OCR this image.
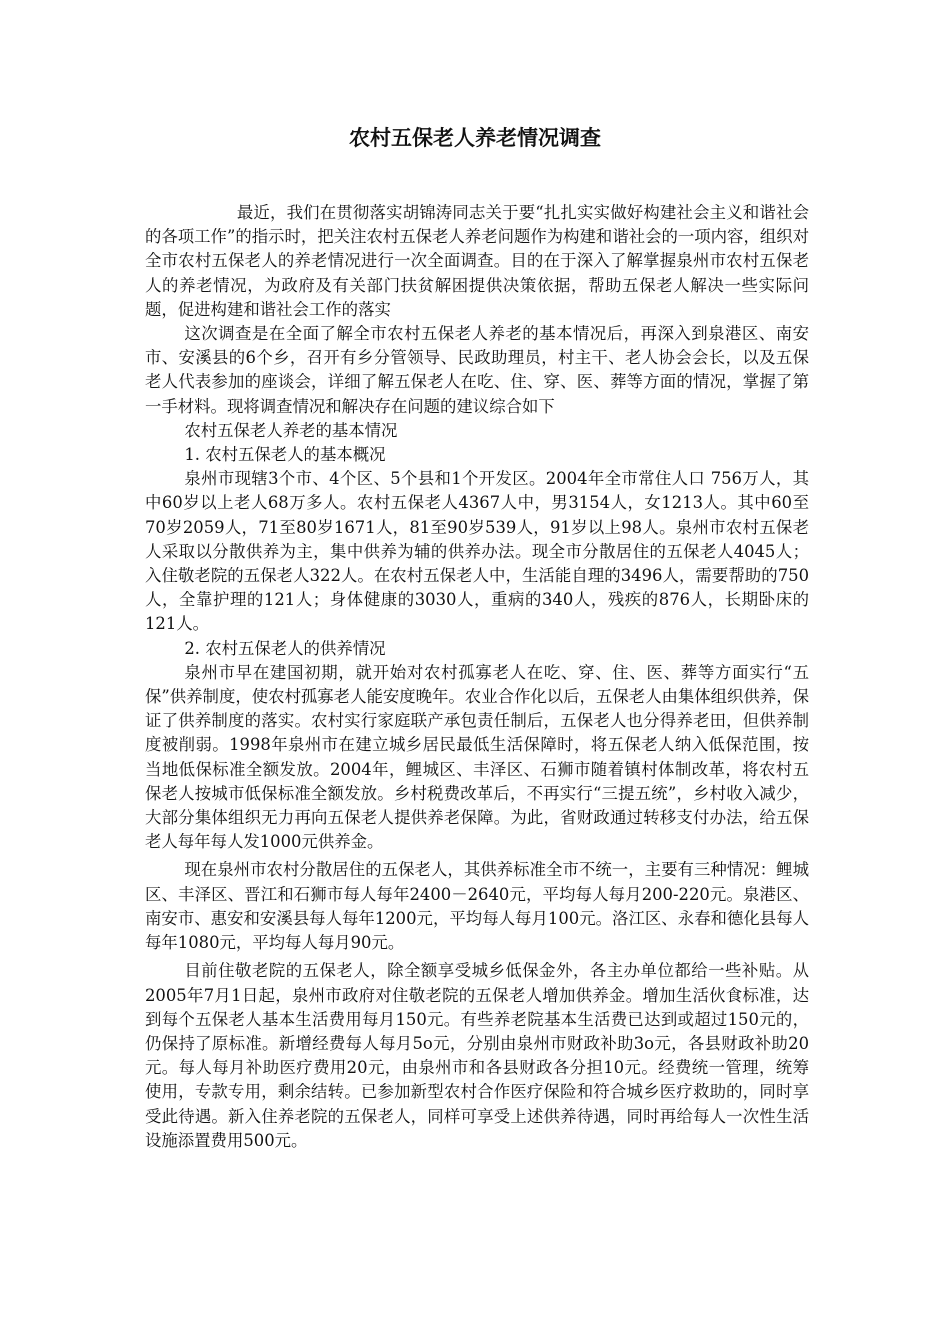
农村五保老人养老情况调查

最近，我们在贯彻落实胡锦涛同志关于要“扎扎实实做好构建社会主义和谐社会的各项工作”的指示时，把关注农村五保老人养老问题作为构建和谐社会的一项内容，组织对全市农村五保老人的养老情况进行一次全面调查。目的在于深入了解掌握泉州市农村五保老人的养老情况，为政府及有关部门扶贫解困提供决策依据，帮助五保老人解决一些实际问题，促进构建和谐社会工作的落实

这次调查是在全面了解全市农村五保老人养老的基本情况后，再深入到泉港区、南安市、安溪县的6个乡，召开有乡分管领导、民政助理员，村主干、老人协会会长，以及五保老人代表参加的座谈会，详细了解五保老人在吃、住、穿、医、葬等方面的情况，掌握了第一手材料。现将调查情况和解决存在问题的建议综合如下

农村五保老人养老的基本情况

1. 农村五保老人的基本概况

泉州市现辖3个市、4个区、5个县和1个开发区。2004年全市常住人口 756万人，其中60岁以上老人68万多人。农村五保老人4367人中，男3154人，女1213人。其中60至70岁2059人，71至80岁1671人，81至90岁539人，91岁以上98人。泉州市农村五保老人采取以分散供养为主，集中供养为辅的供养办法。现全市分散居住的五保老人4045人；入住敬老院的五保老人322人。在农村五保老人中，生活能自理的3496人，需要帮助的750人，全靠护理的121人；身体健康的3030人，重病的340人，残疾的876人，长期卧床的121人。

2. 农村五保老人的供养情况

泉州市早在建国初期，就开始对农村孤寡老人在吃、穿、住、医、葬等方面实行“五保”供养制度，使农村孤寡老人能安度晚年。农业合作化以后，五保老人由集体组织供养，保证了供养制度的落实。农村实行家庭联产承包责任制后，五保老人也分得养老田，但供养制度被削弱。1998年泉州市在建立城乡居民最低生活保障时，将五保老人纳入低保范围，按当地低保标准全额发放。2004年，鲤城区、丰泽区、石狮市随着镇村体制改革，将农村五保老人按城市低保标准全额发放。乡村税费改革后，不再实行“三提五统”，乡村收入减少，大部分集体组织无力再向五保老人提供养老保障。为此，省财政通过转移支付办法，给五保老人每年每人发1000元供养金。

现在泉州市农村分散居住的五保老人，其供养标准全市不统一，主要有三种情况：鲤城区、丰泽区、晋江和石狮市每人每年2400－2640元，平均每人每月200-220元。泉港区、南安市、惠安和安溪县每人每年1200元，平均每人每月100元。洛江区、永春和德化县每人每年1080元，平均每人每月90元。

目前住敬老院的五保老人，除全额享受城乡低保金外，各主办单位都给一些补贴。从2005年7月1日起，泉州市政府对住敬老院的五保老人增加供养金。增加生活伙食标准，达到每个五保老人基本生活费用每月150元。有些养老院基本生活费已达到或超过150元的，仍保持了原标准。新增经费每人每月5o元，分别由泉州市财政补助3o元，各县财政补助20元。每人每月补助医疗费用20元，由泉州市和各县财政各分担10元。经费统一管理，统筹使用，专款专用，剩余结转。已参加新型农村合作医疗保险和符合城乡医疗救助的，同时享受此待遇。新入住养老院的五保老人，同样可享受上述供养待遇，同时再给每人一次性生活设施添置费用500元。
